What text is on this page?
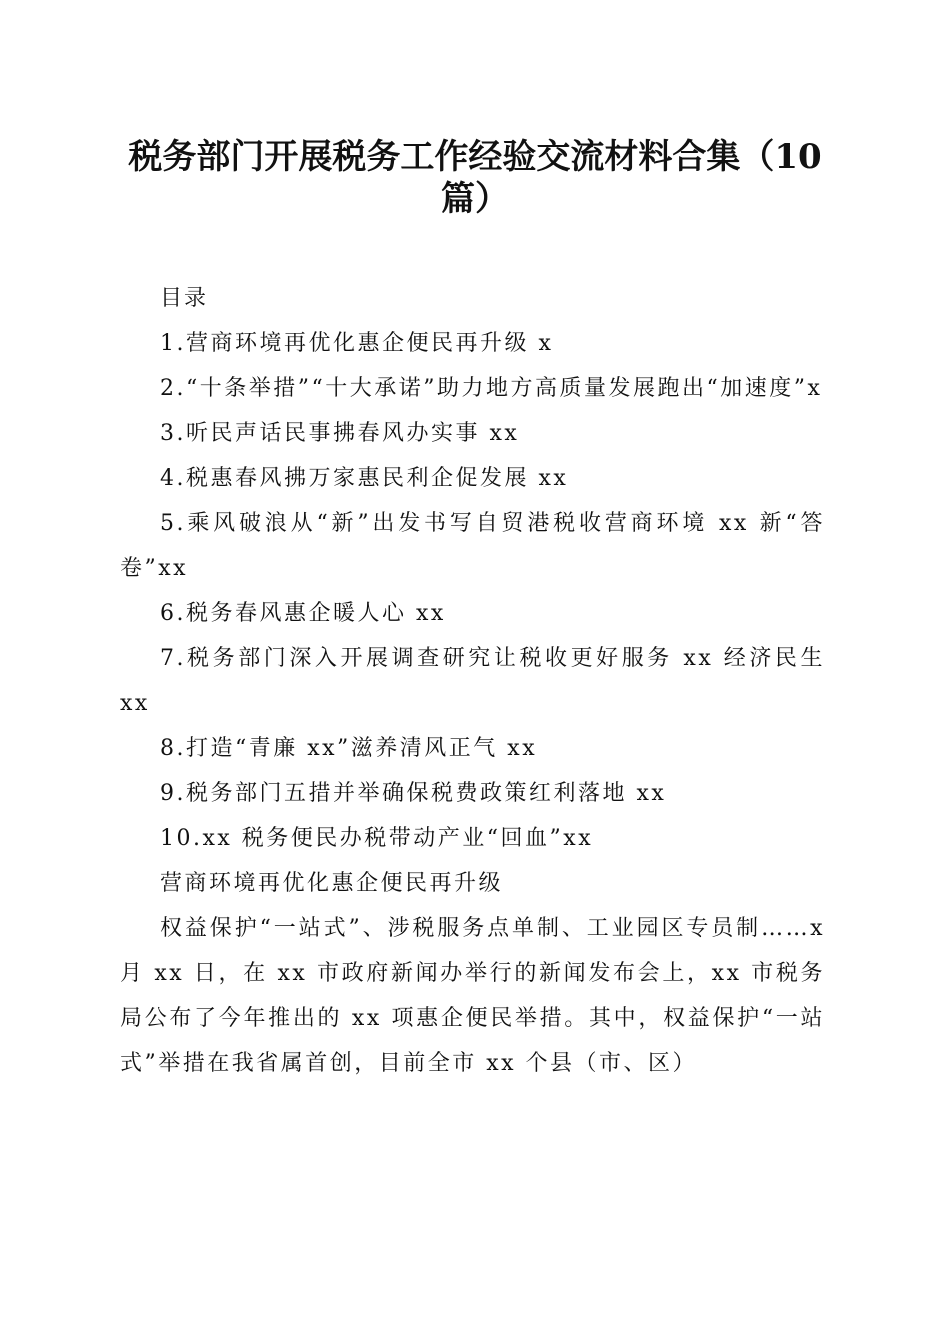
税务部门开展税务工作经验交流材料合集（10篇）

目录

1.营商环境再优化惠企便民再升级 x

2.“十条举措”“十大承诺”助力地方高质量发展跑出“加速度”x

3.听民声话民事拂春风办实事 xx

4.税惠春风拂万家惠民利企促发展 xx

5.乘风破浪从“新”出发书写自贸港税收营商环境 xx 新“答卷”xx

6.税务春风惠企暖人心 xx

7.税务部门深入开展调查研究让税收更好服务 xx 经济民生 xx

8.打造“青廉 xx”滋养清风正气 xx

9.税务部门五措并举确保税费政策红利落地 xx

10.xx 税务便民办税带动产业“回血”xx

营商环境再优化惠企便民再升级

权益保护“一站式”、涉税服务点单制、工业园区专员制……x 月 xx 日，在 xx 市政府新闻办举行的新闻发布会上，xx 市税务局公布了今年推出的 xx 项惠企便民举措。其中，权益保护“一站式”举措在我省属首创，目前全市 xx 个县（市、区）
